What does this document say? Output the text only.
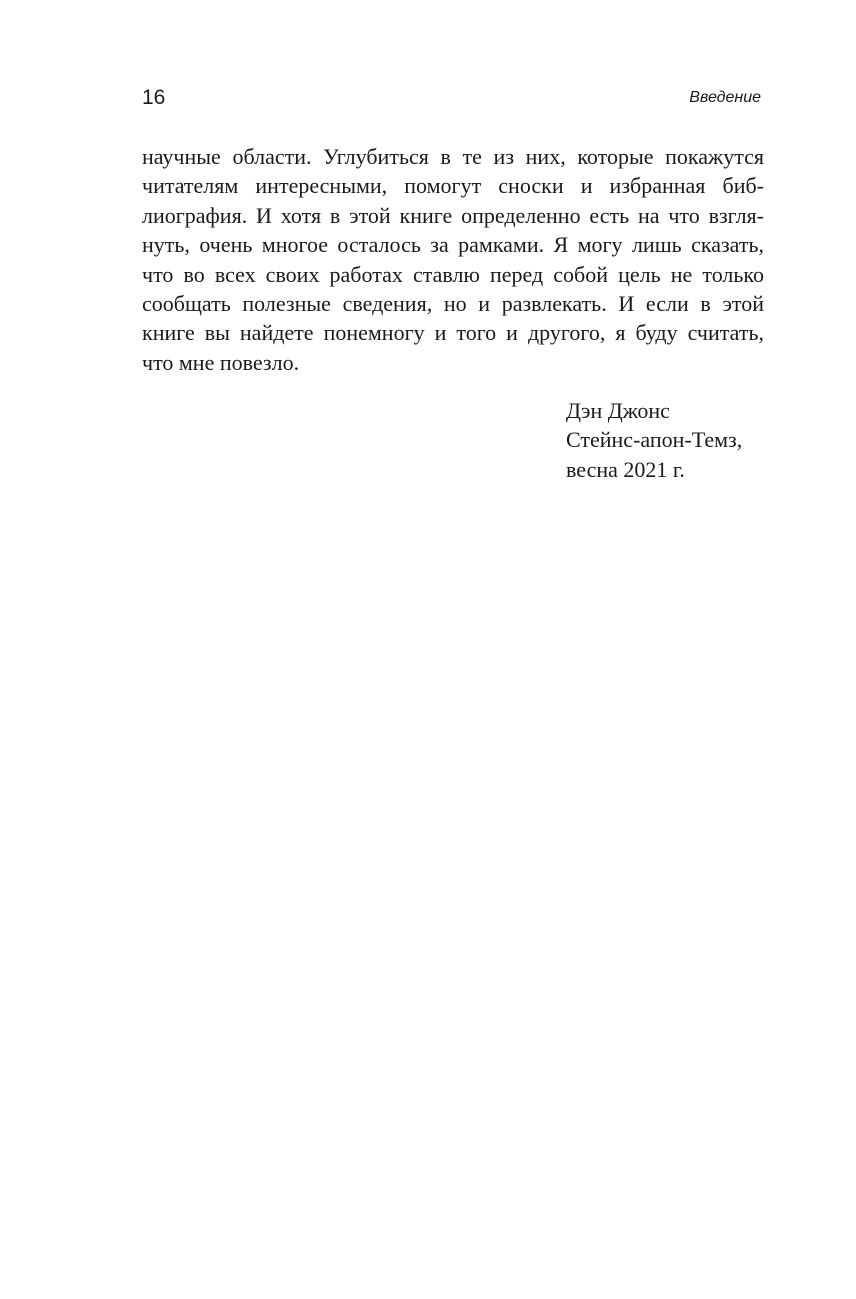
16	Введение
научные области. Углубиться в те из них, которые покажутся
читателям интересными, помогут сноски и избранная биб-
лиография. И хотя в этой книге определенно есть на что взгля-
нуть, очень многое осталось за рамками. Я могу лишь сказать,
что во всех своих работах ставлю перед собой цель не только
сообщать полезные сведения, но и развлекать. И если в этой
книге вы найдете понемногу и того и другого, я буду считать,
что мне повезло.
Дэн Джонс
Стейнс-апон-Темз,
весна 2021 г.
